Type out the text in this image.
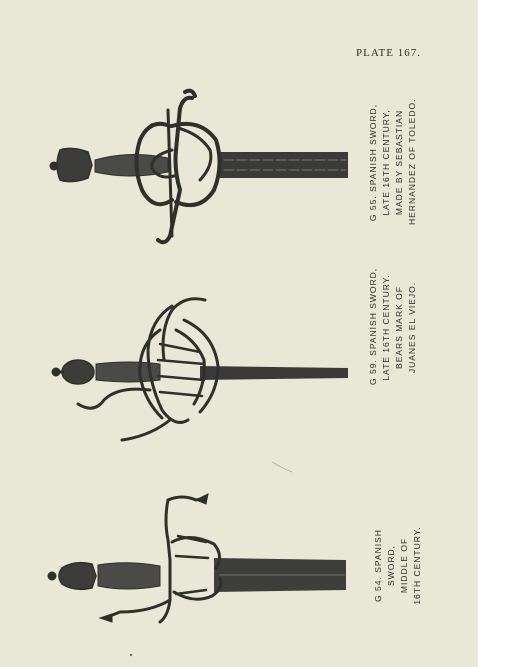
PLATE 167.
G 54. SPANISH SWORD, MIDDLE OF 16TH CENTURY.
G 59. SPANISH SWORD, LATE 16TH CENTURY. BEARS MARK OF JUANES EL VIEJO.
G 55. SPANISH SWORD, LATE 16TH CENTURY, MADE BY SEBASTIAN HERNANDEZ OF TOLEDO.
